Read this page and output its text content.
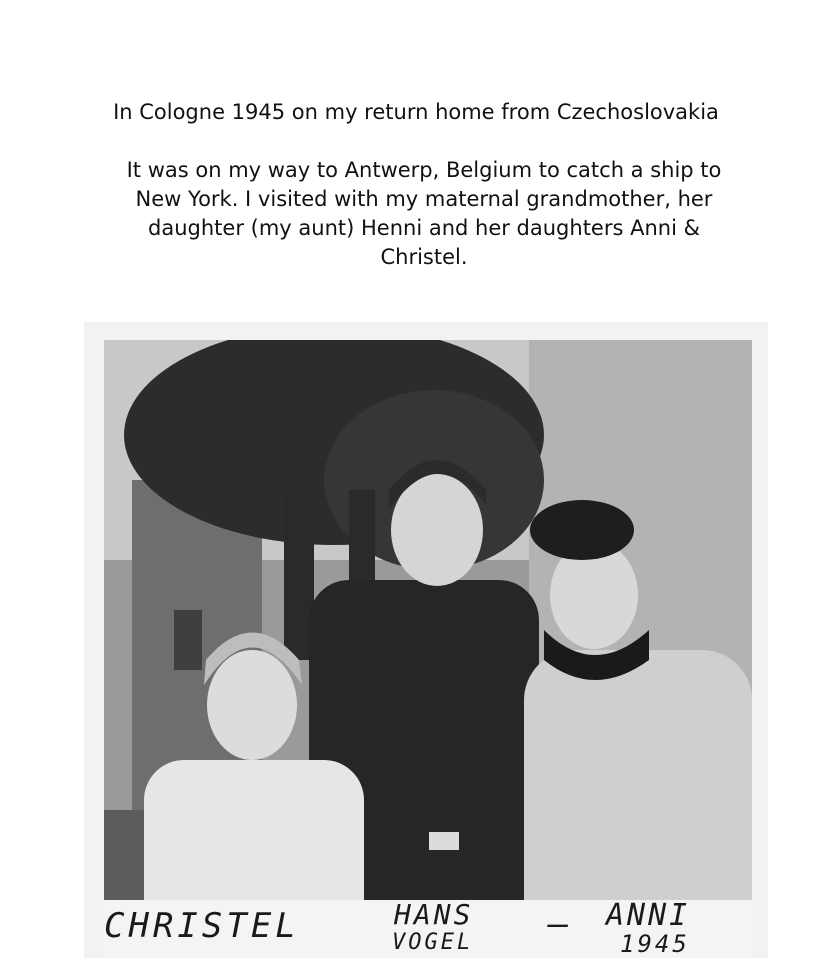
In Cologne 1945 on my return home from Czechoslovakia
It was on my way to Antwerp, Belgium to catch a ship to
New York. I visited with my maternal grandmother, her
daughter (my aunt) Henni and her daughters Anni &
Christel.
CHRISTEL	HANS
VOGEL — ANNI
1945
